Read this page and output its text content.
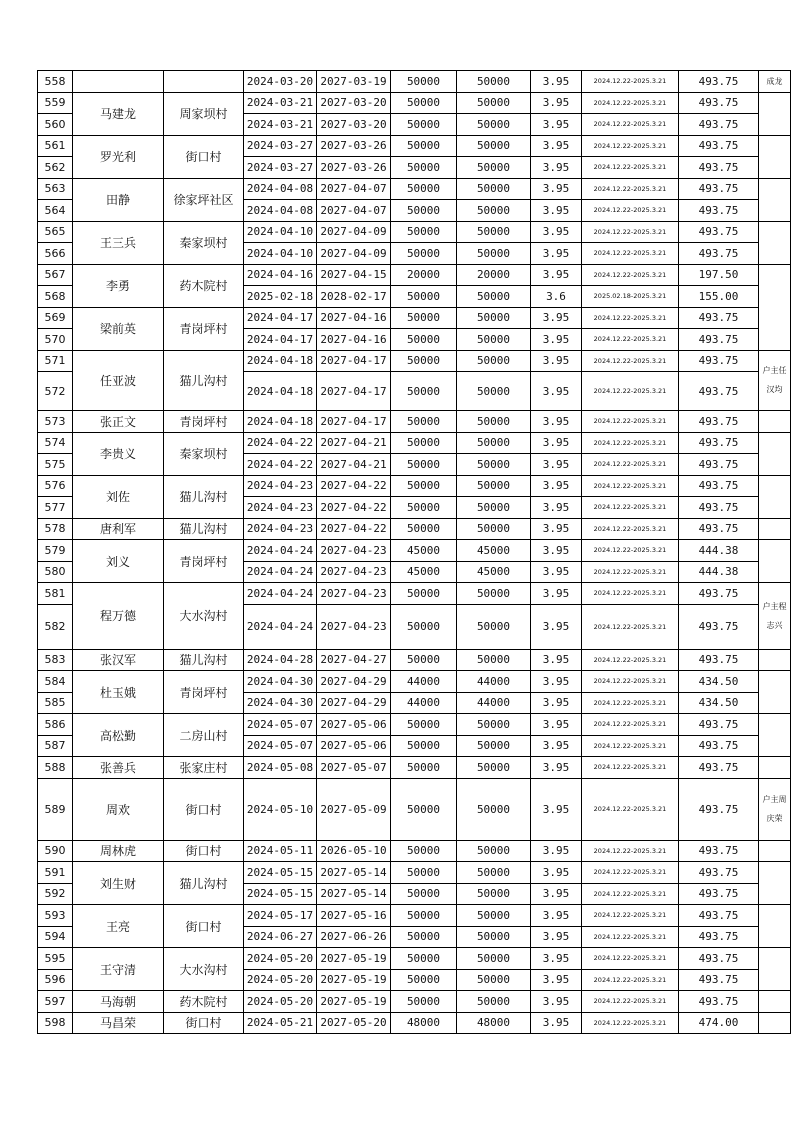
558			2024-03-20	2027-03-19	50000	50000	3.95	2024.12.22-2025.3.21	493.75	成龙
559	马建龙	周家坝村	2024-03-21	2027-03-20	50000	50000	3.95	2024.12.22-2025.3.21	493.75	
560			2024-03-21	2027-03-20	50000	50000	3.95	2024.12.22-2025.3.21	493.75	
561	罗光利	街口村	2024-03-27	2027-03-26	50000	50000	3.95	2024.12.22-2025.3.21	493.75	
562			2024-03-27	2027-03-26	50000	50000	3.95	2024.12.22-2025.3.21	493.75	
563	田静	徐家坪社区	2024-04-08	2027-04-07	50000	50000	3.95	2024.12.22-2025.3.21	493.75	
564			2024-04-08	2027-04-07	50000	50000	3.95	2024.12.22-2025.3.21	493.75	
565	王三兵	秦家坝村	2024-04-10	2027-04-09	50000	50000	3.95	2024.12.22-2025.3.21	493.75	
566			2024-04-10	2027-04-09	50000	50000	3.95	2024.12.22-2025.3.21	493.75	
567	李勇	药木院村	2024-04-16	2027-04-15	20000	20000	3.95	2024.12.22-2025.3.21	197.50	
568			2025-02-18	2028-02-17	50000	50000	3.6	2025.02.18-2025.3.21	155.00	
569	梁前英	青岗坪村	2024-04-17	2027-04-16	50000	50000	3.95	2024.12.22-2025.3.21	493.75	
570			2024-04-17	2027-04-16	50000	50000	3.95	2024.12.22-2025.3.21	493.75	
571	任亚波	猫儿沟村	2024-04-18	2027-04-17	50000	50000	3.95	2024.12.22-2025.3.21	493.75	户主任汉均
572			2024-04-18	2027-04-17	50000	50000	3.95	2024.12.22-2025.3.21	493.75	
573	张正文	青岗坪村	2024-04-18	2027-04-17	50000	50000	3.95	2024.12.22-2025.3.21	493.75	
574	李贵义	秦家坝村	2024-04-22	2027-04-21	50000	50000	3.95	2024.12.22-2025.3.21	493.75	
575			2024-04-22	2027-04-21	50000	50000	3.95	2024.12.22-2025.3.21	493.75	
576	刘佐	猫儿沟村	2024-04-23	2027-04-22	50000	50000	3.95	2024.12.22-2025.3.21	493.75	
577			2024-04-23	2027-04-22	50000	50000	3.95	2024.12.22-2025.3.21	493.75	
578	唐利军	猫儿沟村	2024-04-23	2027-04-22	50000	50000	3.95	2024.12.22-2025.3.21	493.75	
579	刘义	青岗坪村	2024-04-24	2027-04-23	45000	45000	3.95	2024.12.22-2025.3.21	444.38	
580			2024-04-24	2027-04-23	45000	45000	3.95	2024.12.22-2025.3.21	444.38	
581	程万德	大水沟村	2024-04-24	2027-04-23	50000	50000	3.95	2024.12.22-2025.3.21	493.75	户主程志兴
582			2024-04-24	2027-04-23	50000	50000	3.95	2024.12.22-2025.3.21	493.75	
583	张汉军	猫儿沟村	2024-04-28	2027-04-27	50000	50000	3.95	2024.12.22-2025.3.21	493.75	
584	杜玉娥	青岗坪村	2024-04-30	2027-04-29	44000	44000	3.95	2024.12.22-2025.3.21	434.50	
585			2024-04-30	2027-04-29	44000	44000	3.95	2024.12.22-2025.3.21	434.50	
586	高松勤	二房山村	2024-05-07	2027-05-06	50000	50000	3.95	2024.12.22-2025.3.21	493.75	
587			2024-05-07	2027-05-06	50000	50000	3.95	2024.12.22-2025.3.21	493.75	
588	张善兵	张家庄村	2024-05-08	2027-05-07	50000	50000	3.95	2024.12.22-2025.3.21	493.75	
589	周欢	街口村	2024-05-10	2027-05-09	50000	50000	3.95	2024.12.22-2025.3.21	493.75	户主周庆荣
590	周林虎	街口村	2024-05-11	2026-05-10	50000	50000	3.95	2024.12.22-2025.3.21	493.75	
591	刘生财	猫儿沟村	2024-05-15	2027-05-14	50000	50000	3.95	2024.12.22-2025.3.21	493.75	
592			2024-05-15	2027-05-14	50000	50000	3.95	2024.12.22-2025.3.21	493.75	
593	王亮	街口村	2024-05-17	2027-05-16	50000	50000	3.95	2024.12.22-2025.3.21	493.75	
594			2024-06-27	2027-06-26	50000	50000	3.95	2024.12.22-2025.3.21	493.75	
595	王守清	大水沟村	2024-05-20	2027-05-19	50000	50000	3.95	2024.12.22-2025.3.21	493.75	
596			2024-05-20	2027-05-19	50000	50000	3.95	2024.12.22-2025.3.21	493.75	
597	马海朝	药木院村	2024-05-20	2027-05-19	50000	50000	3.95	2024.12.22-2025.3.21	493.75	
598	马昌荣	街口村	2024-05-21	2027-05-20	48000	48000	3.95	2024.12.22-2025.3.21	474.00	
